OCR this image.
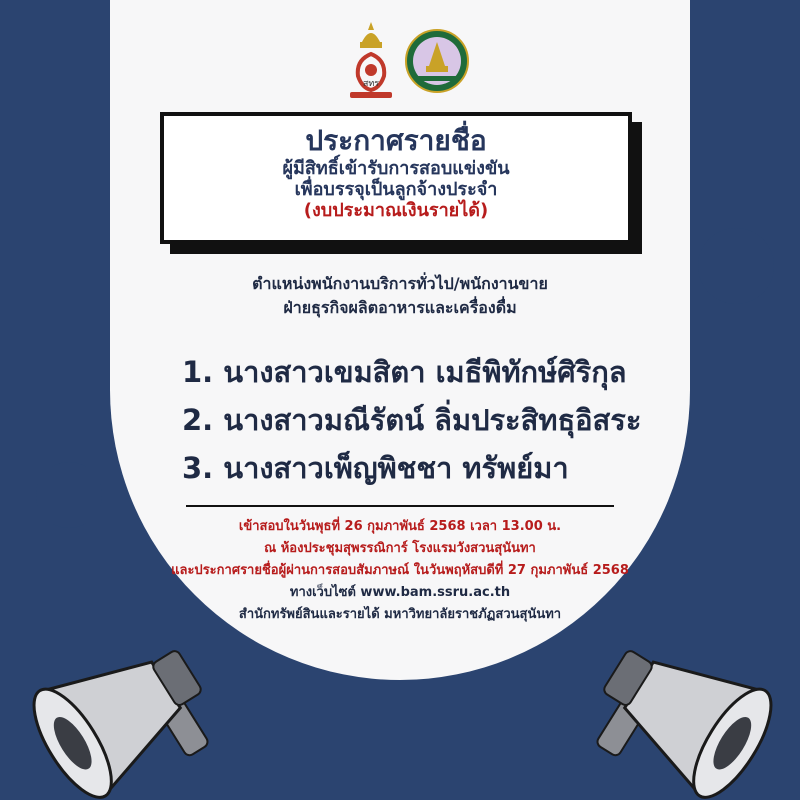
สทร
ประกาศรายชื่อ
ผู้มีสิทธิ์เข้ารับการสอบแข่งขัน
เพื่อบรรจุเป็นลูกจ้างประจำ
(งบประมาณเงินรายได้)
ตำแหน่งพนักงานบริการทั่วไป/พนักงานขาย
ฝ่ายธุรกิจผลิตอาหารและเครื่องดื่ม
1. นางสาวเขมสิตา เมธีพิทักษ์ศิริกุล
2. นางสาวมณีรัตน์ ลิ่มประสิทธุอิสระ
3. นางสาวเพ็ญพิชชา ทรัพย์มา
เข้าสอบในวันพุธที่ 26 กุมภาพันธ์ 2568 เวลา 13.00 น.
ณ ห้องประชุมสุพรรณิการ์ โรงแรมวังสวนสุนันทา
และประกาศรายชื่อผู้ผ่านการสอบสัมภาษณ์ ในวันพฤหัสบดีที่ 27 กุมภาพันธ์ 2568
ทางเว็บไซต์ www.bam.ssru.ac.th
สำนักทรัพย์สินและรายได้ มหาวิทยาลัยราชภัฏสวนสุนันทา
